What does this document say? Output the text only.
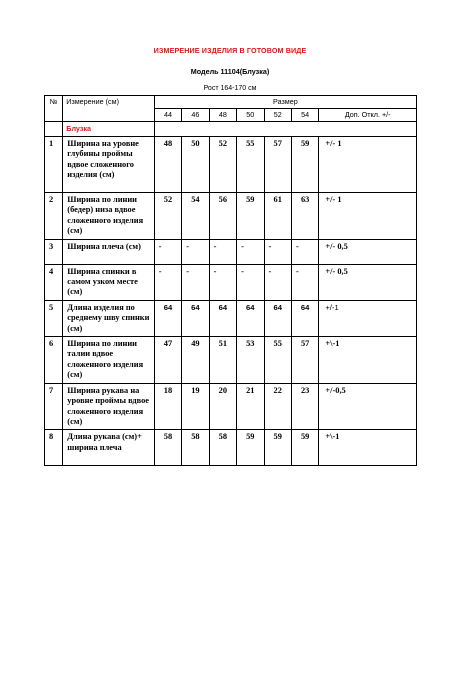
ИЗМЕРЕНИЕ ИЗДЕЛИЯ В ГОТОВОМ ВИДЕ
Модель 11104(Блузка)
Рост 164-170 см
№	Измерение (см)	Размер						
		44	46	48	50	52	54	Доп. Откл. +/-
	Блузка							
1	Ширина на уровне глубины проймы вдвое сложенного изделия (см)	48	50	52	55	57	59	+/- 1
2	Ширина по линии (бедер) низа вдвое сложенного изделия (см)	52	54	56	59	61	63	+/- 1
3	Ширина плеча (см)	-	-	-	-	-	-	+/- 0,5
4	Ширина спинки в самом узком месте (см)	-	-	-	-	-	-	+/- 0,5
5	Длина изделия по среднему шву спинки (см)	64	64	64	64	64	64	+/-1
6	Ширина по линии талии вдвое сложенного изделия (см)	47	49	51	53	55	57	+\-1
7	Ширина рукава на уровне проймы вдвое сложенного изделия (см)	18	19	20	21	22	23	+/-0,5
8	Длина рукава (см)+ ширина плеча	58	58	58	59	59	59	+\-1
